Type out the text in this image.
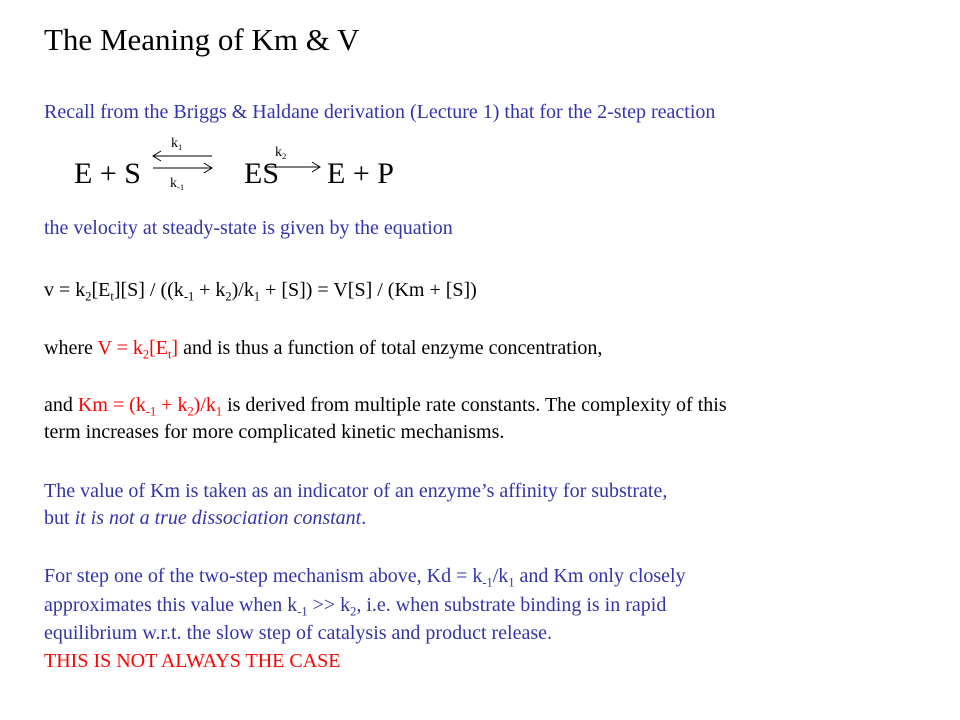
The Meaning of Km & V
Recall from the Briggs & Haldane derivation (Lecture 1) that for the 2-step reaction
E + S	ES E + P
$k_1$
$k_{-1}$
$k_2$
the velocity at steady-state is given by the equation
$v = k_2[E_t][S] / ((k_{-1} + k_2)/k_1 + [S]) = V[S] / (Km + [S])$
where $V = k_2[E_t]$ and is thus a function of total enzyme concentration,
and $Km = (k_{-1} + k_2)/k_1$ is derived from multiple rate constants. The complexity of this
term increases for more complicated kinetic mechanisms.
The value of Km is taken as an indicator of an enzyme’s affinity for substrate,
but it is not a true dissociation constant.
For step one of the two-step mechanism above, $Kd = k_{-1}/k_1$ and Km only closely
approximates this value when $k_{-1} >> k_2$, i.e. when substrate binding is in rapid
equilibrium w.r.t. the slow step of catalysis and product release.
THIS IS NOT ALWAYS THE CASE
